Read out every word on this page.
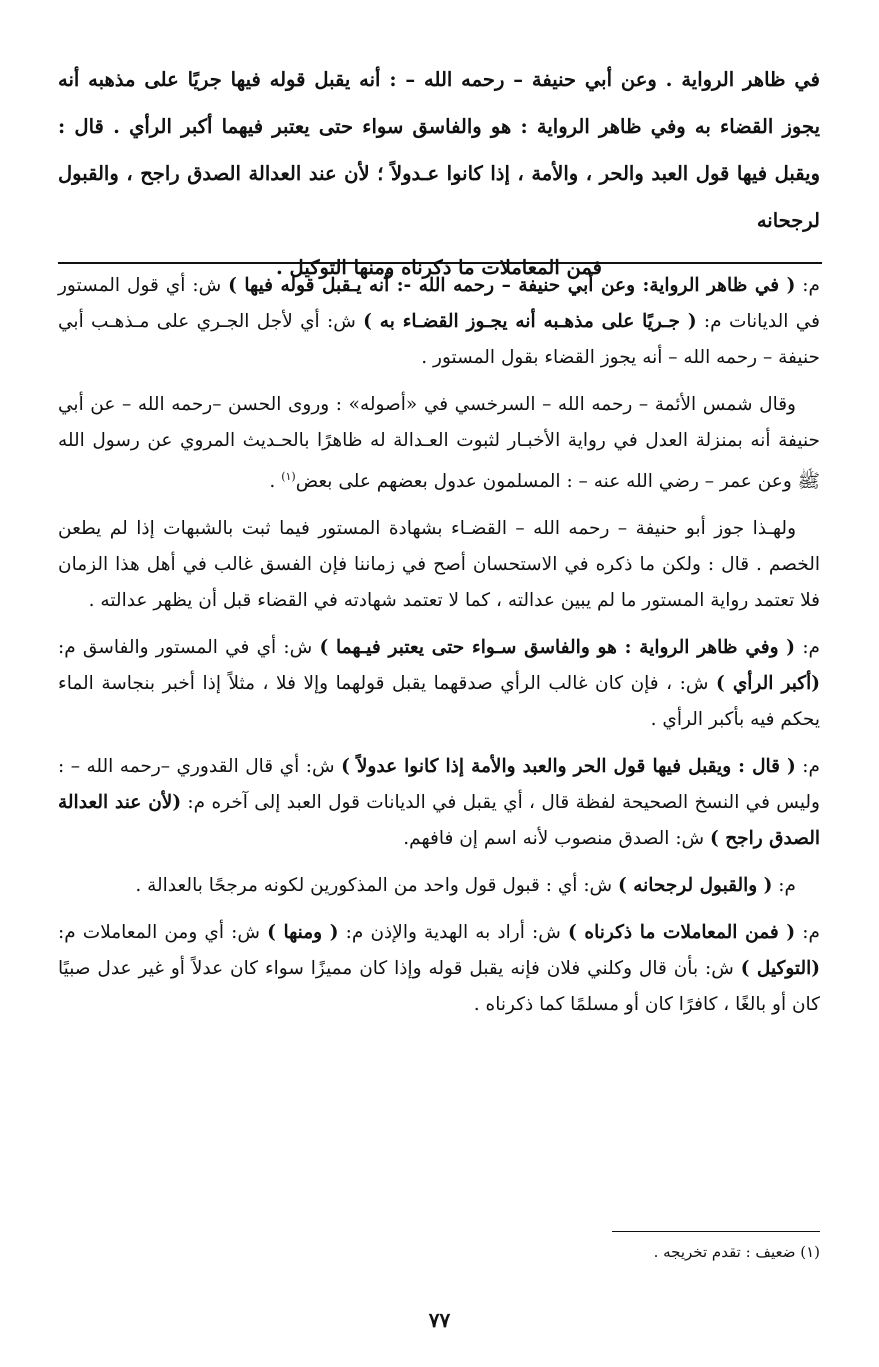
في ظاهر الرواية . وعن أبي حنيفة – رحمه الله – : أنه يقبل قوله فيها جريًا على مذهبه أنه يجوز القضاء به وفي ظاهر الرواية : هو والفاسق سواء حتى يعتبر فيهما أكبر الرأي . قال : ويقبل فيها قول العبد والحر ، والأمة ، إذا كانوا عـدولاً ؛ لأن عند العدالة الصدق راجح ، والقبول لرجحانه

فمن المعاملات ما ذكرناه ومنها التوكيل .

م: ( في ظاهر الرواية: وعن أبي حنيفة – رحمه الله -: أنه يـقبل قوله فيها ) ش: أي قول المستور في الديانات م: ( جـريًا على مذهـبه أنه يجـوز القضـاء به ) ش: أي لأجل الجـري على مـذهـب أبي حنيفة – رحمه الله – أنه يجوز القضاء بقول المستور .

وقال شمس الأئمة – رحمه الله – السرخسي في «أصوله» : وروى الحسن –رحمه الله – عن أبي حنيفة أنه بمنزلة العدل في رواية الأخبـار لثبوت العـدالة له ظاهرًا بالحـديث المروي عن رسول الله ﷺ وعن عمر – رضي الله عنه – : المسلمون عدول بعضهم على بعض$^{(١)}$ .

ولهـذا جوز أبو حنيفة – رحمه الله – القضـاء بشهادة المستور فيما ثبت بالشبهات إذا لم يطعن الخصم . قال : ولكن ما ذكره في الاستحسان أصح في زماننا فإن الفسق غالب في أهل هذا الزمان فلا تعتمد رواية المستور ما لم يبين عدالته ، كما لا تعتمد شهادته في القضاء قبل أن يظهر عدالته .

م: ( وفي ظاهر الرواية : هو والفاسق سـواء حتى يعتبر فيـهما ) ش: أي في المستور والفاسق م: (أكبر الرأي ) ش: ، فإن كان غالب الرأي صدقهما يقبل قولهما وإلا فلا ، مثلاً إذا أخبر بنجاسة الماء يحكم فيه بأكبر الرأي .

م: ( قال : ويقبل فيها قول الحر والعبد والأمة إذا كانوا عدولاً ) ش: أي قال القدوري –رحمه الله – : وليس في النسخ الصحيحة لفظة قال ، أي يقبل في الديانات قول العبد إلى آخره م: (لأن عند العدالة الصدق راجح ) ش: الصدق منصوب لأنه اسم إن فافهم.

م: ( والقبول لرجحانه ) ش: أي : قبول قول واحد من المذكورين لكونه مرجحًا بالعدالة .

م: ( فمن المعاملات ما ذكرناه ) ش: أراد به الهدية والإذن م: ( ومنها ) ش: أي ومن المعاملات م: (التوكيل ) ش: بأن قال وكلني فلان فإنه يقبل قوله وإذا كان مميزًا سواء كان عدلاً أو غير عدل صبيًا كان أو بالغًا ، كافرًا كان أو مسلمًا كما ذكرناه .

(١) ضعيف : تقدم تخريجه .
٧٧
